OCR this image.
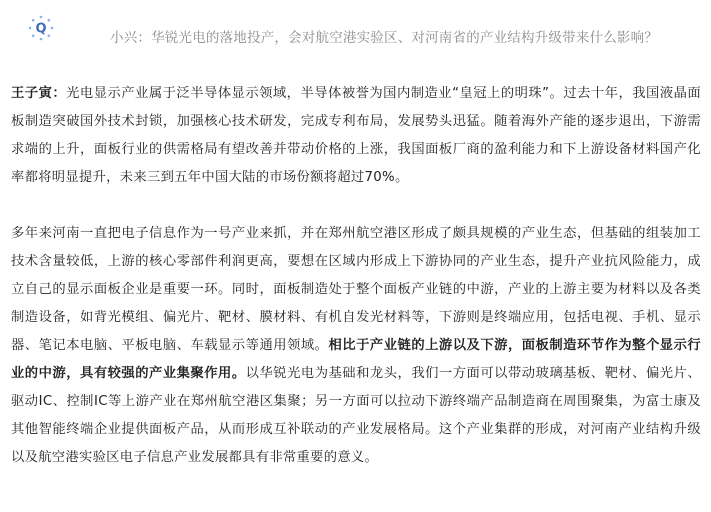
Q
小兴：华锐光电的落地投产，会对航空港实验区、对河南省的产业结构升级带来什么影响？

王子寅：光电显示产业属于泛半导体显示领域，半导体被誉为国内制造业“皇冠上的明珠”。过去十年，我国液晶面板制造突破国外技术封锁，加强核心技术研发，完成专利布局，发展势头迅猛。随着海外产能的逐步退出，下游需求端的上升，面板行业的供需格局有望改善并带动价格的上涨，我国面板厂商的盈利能力和下上游设备材料国产化率都将明显提升，未来三到五年中国大陆的市场份额将超过70%。

多年来河南一直把电子信息作为一号产业来抓，并在郑州航空港区形成了颇具规模的产业生态，但基础的组装加工技术含量较低，上游的核心零部件利润更高，要想在区域内形成上下游协同的产业生态，提升产业抗风险能力，成立自己的显示面板企业是重要一环。同时，面板制造处于整个面板产业链的中游，产业的上游主要为材料以及各类制造设备，如背光模组、偏光片、靶材、膜材料、有机自发光材料等，下游则是终端应用，包括电视、手机、显示器、笔记本电脑、平板电脑、车载显示等通用领域。相比于产业链的上游以及下游，面板制造环节作为整个显示行业的中游，具有较强的产业集聚作用。以华锐光电为基础和龙头，我们一方面可以带动玻璃基板、靶材、偏光片、驱动IC、控制IC等上游产业在郑州航空港区集聚；另一方面可以拉动下游终端产品制造商在周围聚集，为富士康及其他智能终端企业提供面板产品，从而形成互补联动的产业发展格局。这个产业集群的形成，对河南产业结构升级以及航空港实验区电子信息产业发展都具有非常重要的意义。
